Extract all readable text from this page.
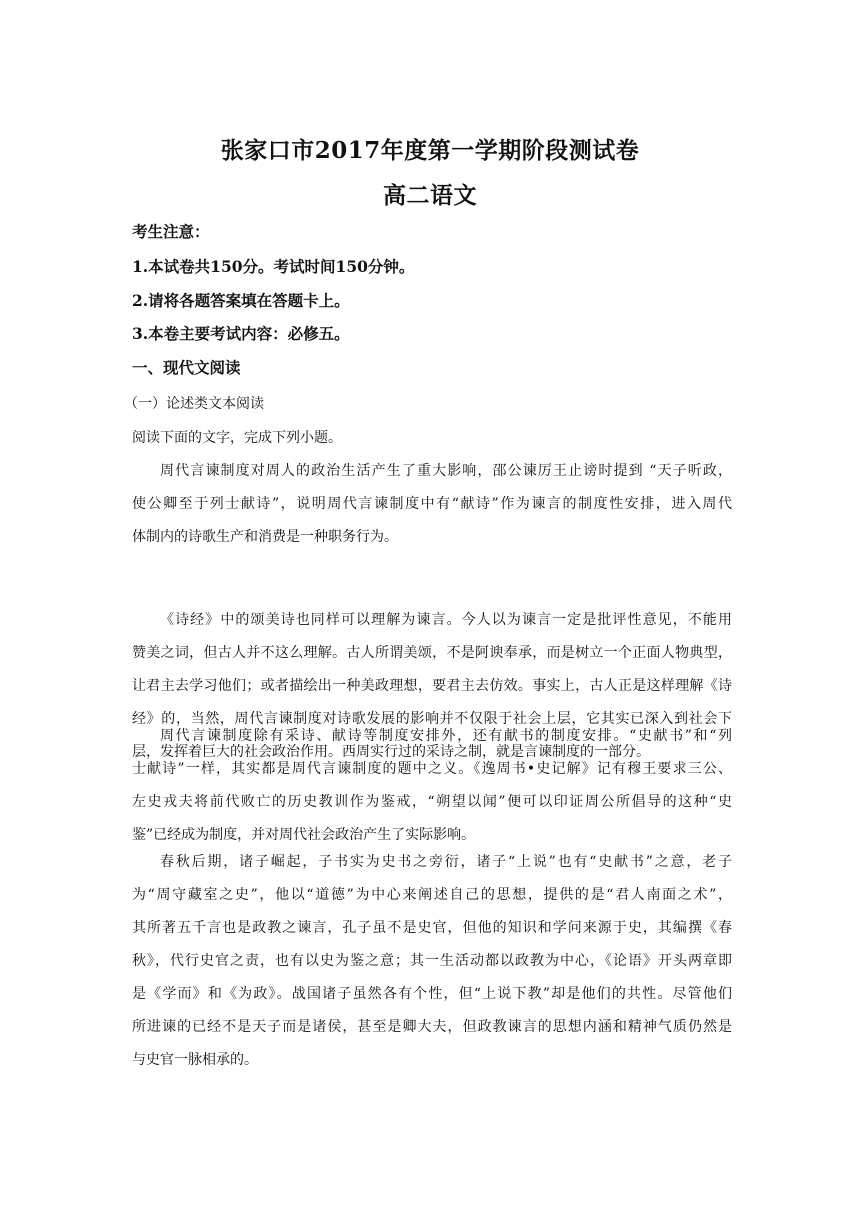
张家口市2017年度第一学期阶段测试卷
高二语文
考生注意：
1.本试卷共150分。考试时间150分钟。
2.请将各题答案填在答题卡上。
3.本卷主要考试内容：必修五。
一、现代文阅读
（一）论述类文本阅读
阅读下面的文字，完成下列小题。
周代言谏制度对周人的政治生活产生了重大影响，邵公谏厉王止谤时提到 “天子听政，
使公卿至于列士献诗”，说明周代言谏制度中有“献诗”作为谏言的制度性安排，进入周代
体制内的诗歌生产和消费是一种职务行为。
《诗经》中的颂美诗也同样可以理解为谏言。今人以为谏言一定是批评性意见，不能用
赞美之词，但古人并不这么理解。古人所谓美颂，不是阿谀奉承，而是树立一个正面人物典型，
让君主去学习他们；或者描绘出一种美政理想，要君主去仿效。事实上，古人正是这样理解《诗
经》的，当然，周代言谏制度对诗歌发展的影响并不仅限于社会上层，它其实已深入到社会下
层，发挥着巨大的社会政治作用。西周实行过的采诗之制，就是言谏制度的一部分。
周代言谏制度除有采诗、献诗等制度安排外，还有献书的制度安排。“史献书”和“列
士献诗”一样，其实都是周代言谏制度的题中之义。《逸周书•史记解》记有穆王要求三公、
左史戎夫将前代败亡的历史教训作为鉴戒，“朔望以闻”便可以印证周公所倡导的这种“史
鉴”已经成为制度，并对周代社会政治产生了实际影响。
春秋后期，诸子崛起，子书实为史书之旁衍，诸子“上说”也有“史献书”之意，老子
为“周守藏室之史”，他以“道德”为中心来阐述自己的思想，提供的是“君人南面之术”，
其所著五千言也是政教之谏言，孔子虽不是史官，但他的知识和学问来源于史，其编撰《春
秋》，代行史官之责，也有以史为鉴之意；其一生活动都以政教为中心，《论语》开头两章即
是《学而》和《为政》。战国诸子虽然各有个性，但“上说下教”却是他们的共性。尽管他们
所进谏的已经不是天子而是诸侯，甚至是卿大夫，但政教谏言的思想内涵和精神气质仍然是
与史官一脉相承的。
